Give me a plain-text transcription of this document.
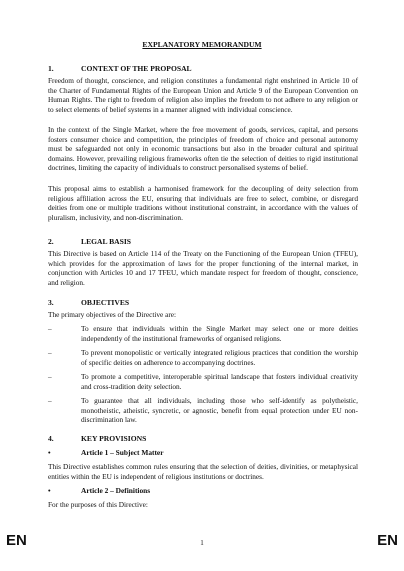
EXPLANATORY MEMORANDUM
1.	CONTEXT OF THE PROPOSAL

Freedom of thought, conscience, and religion constitutes a fundamental right enshrined in Article 10 of the Charter of Fundamental Rights of the European Union and Article 9 of the European Convention on Human Rights. The right to freedom of religion also implies the freedom to not adhere to any religion or to select elements of belief systems in a manner aligned with individual conscience.

In the context of the Single Market, where the free movement of goods, services, capital, and persons fosters consumer choice and competition, the principles of freedom of choice and personal autonomy must be safeguarded not only in economic transactions but also in the broader cultural and spiritual domains. However, prevailing religious frameworks often tie the selection of deities to rigid institutional doctrines, limiting the capacity of individuals to construct personalised systems of belief.

This proposal aims to establish a harmonised framework for the decoupling of deity selection from religious affiliation across the EU, ensuring that individuals are free to select, combine, or disregard deities from one or multiple traditions without institutional constraint, in accordance with the values of pluralism, inclusivity, and non-discrimination.

2.	LEGAL BASIS

This Directive is based on Article 114 of the Treaty on the Functioning of the European Union (TFEU), which provides for the approximation of laws for the proper functioning of the internal market, in conjunction with Articles 10 and 17 TFEU, which mandate respect for freedom of thought, conscience, and religion.

3.	OBJECTIVES

The primary objectives of the Directive are:

–	To ensure that individuals within the Single Market may select one or more deities independently of the institutional frameworks of organised religions.
–	To prevent monopolistic or vertically integrated religious practices that condition the worship of specific deities on adherence to accompanying doctrines.
–	To promote a competitive, interoperable spiritual landscape that fosters individual creativity and cross-tradition deity selection.
–	To guarantee that all individuals, including those who self-identify as polytheistic, monotheistic, atheistic, syncretic, or agnostic, benefit from equal protection under EU non-discrimination law.
4.	KEY PROVISIONS
•	Article 1 – Subject Matter

This Directive establishes common rules ensuring that the selection of deities, divinities, or metaphysical entities within the EU is independent of religious institutions or doctrines.

•	Article 2 – Definitions

For the purposes of this Directive:

EN	1	EN
